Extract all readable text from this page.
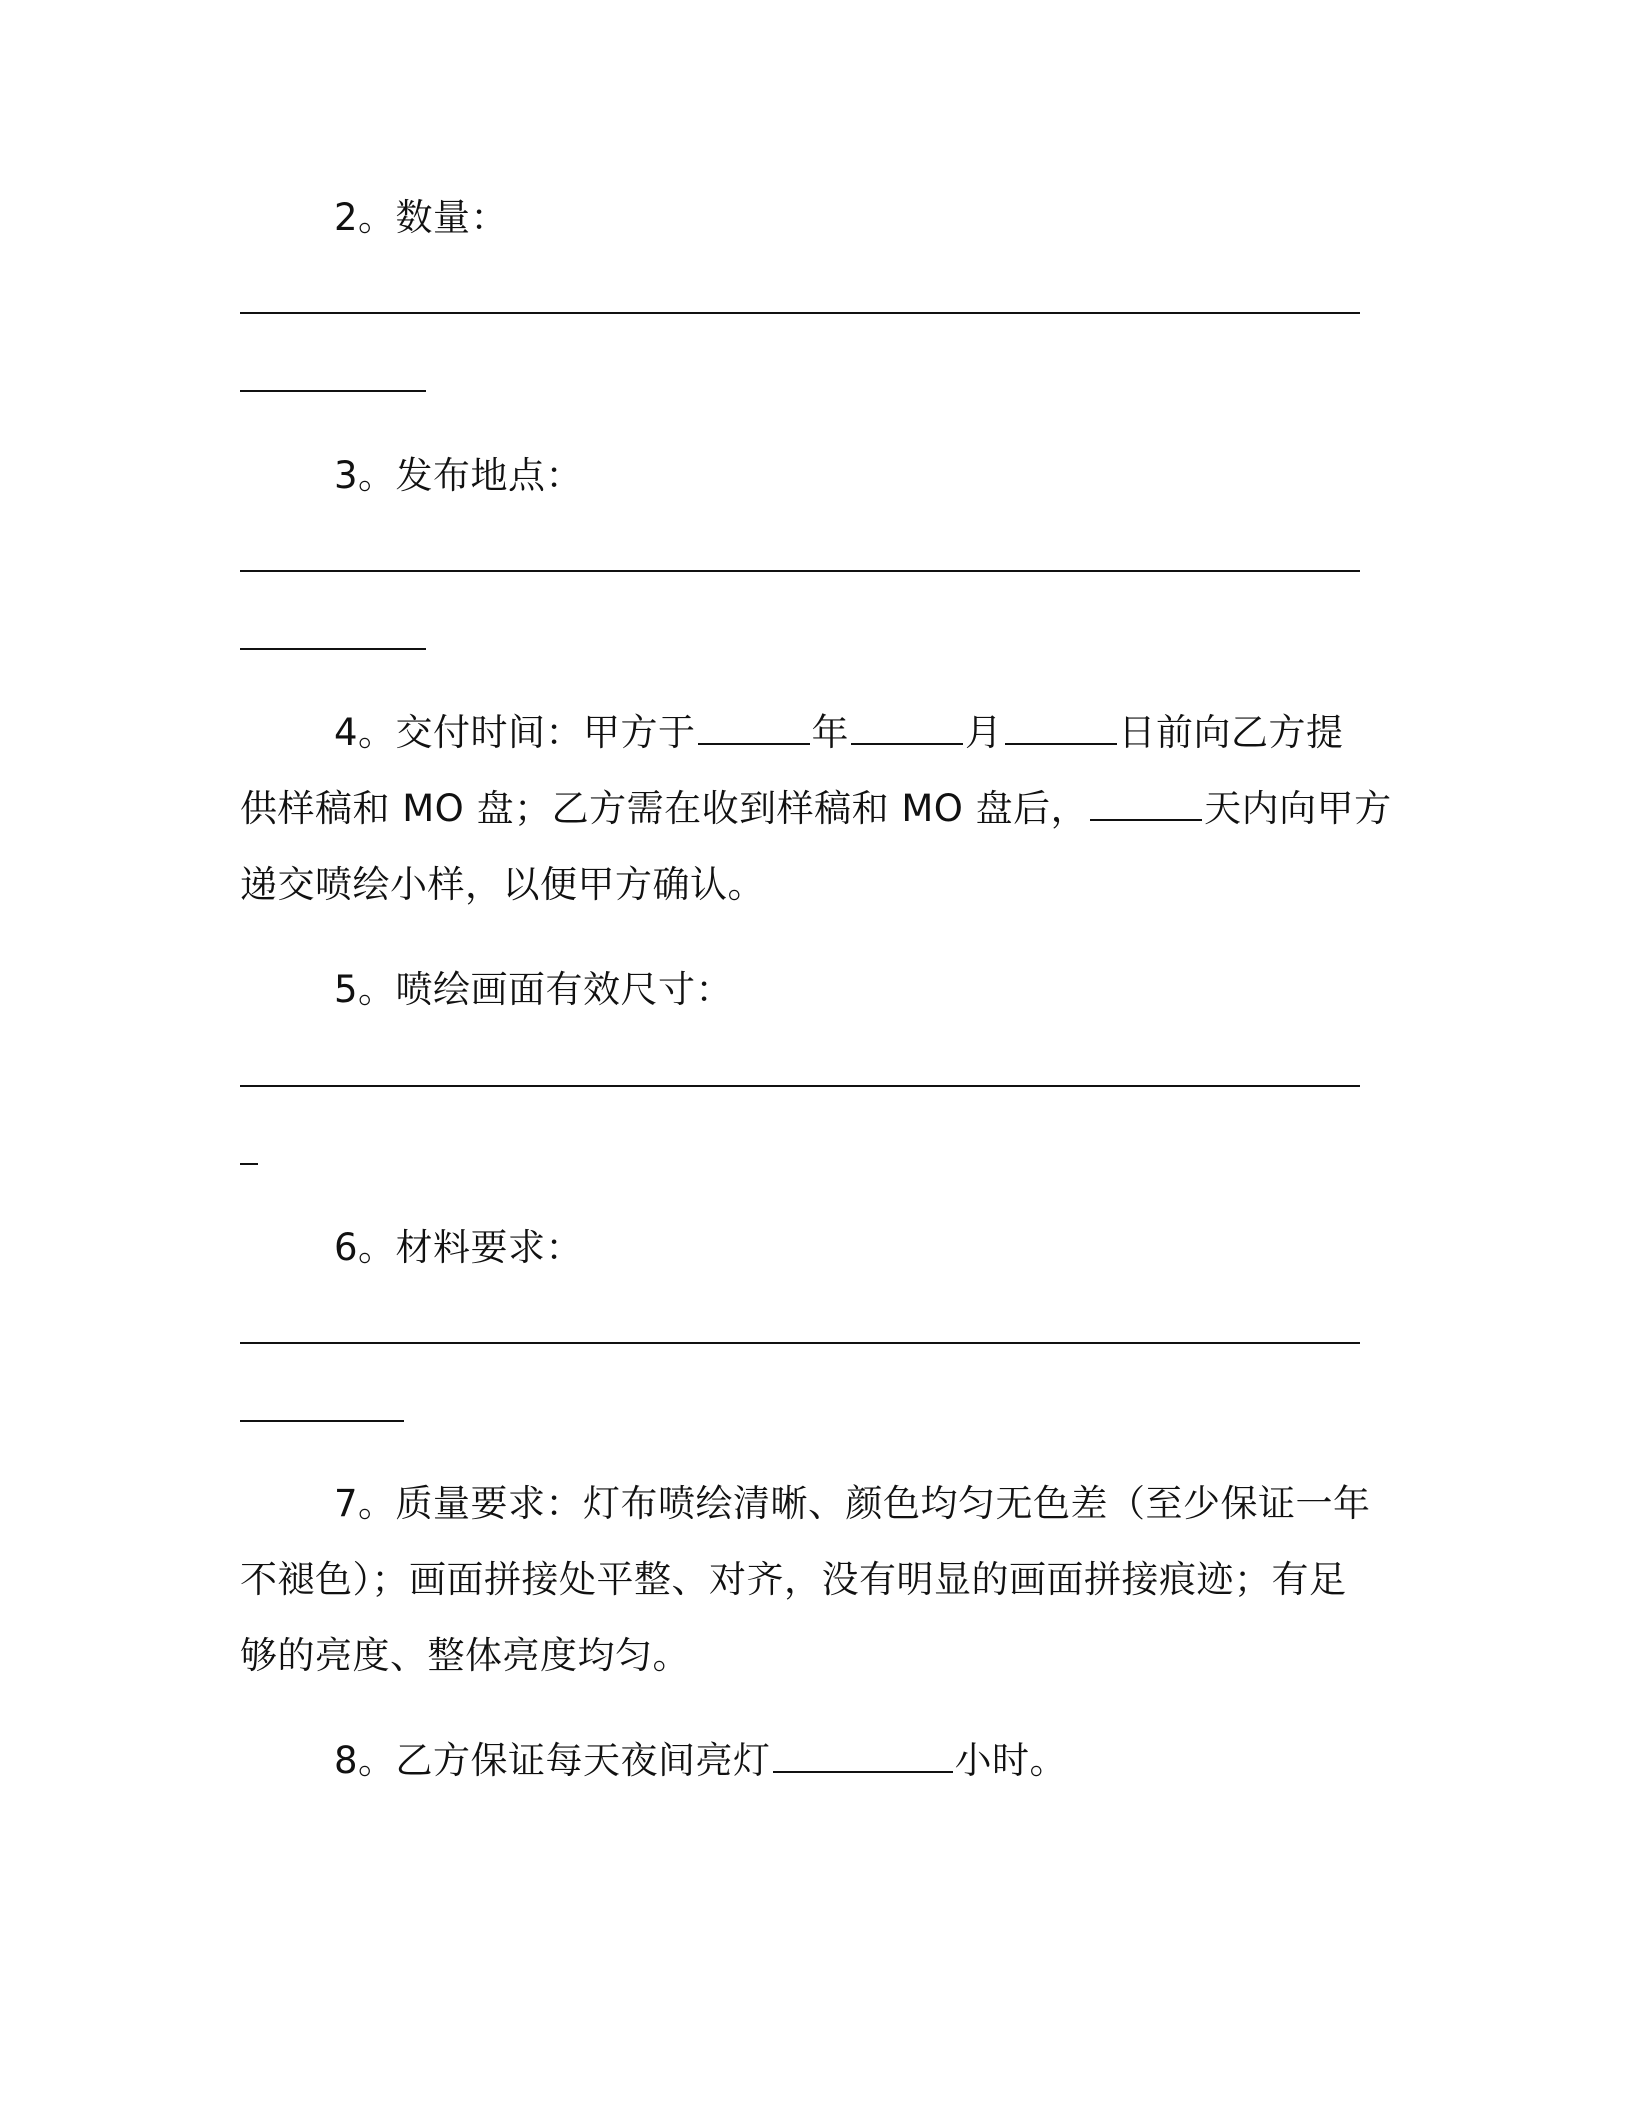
2。数量：
3。发布地点：
4。交付时间：甲方于	年	月	日前向乙方提
供样稿和 MO 盘；乙方需在收到样稿和 MO 盘后，	天内向甲方
递交喷绘小样，以便甲方确认。
5。喷绘画面有效尺寸：
6。材料要求：
7。质量要求：灯布喷绘清晰、颜色均匀无色差（至少保证一年
不褪色）；画面拼接处平整、对齐，没有明显的画面拼接痕迹；有足
够的亮度、整体亮度均匀。
8。乙方保证每天夜间亮灯	小时。
